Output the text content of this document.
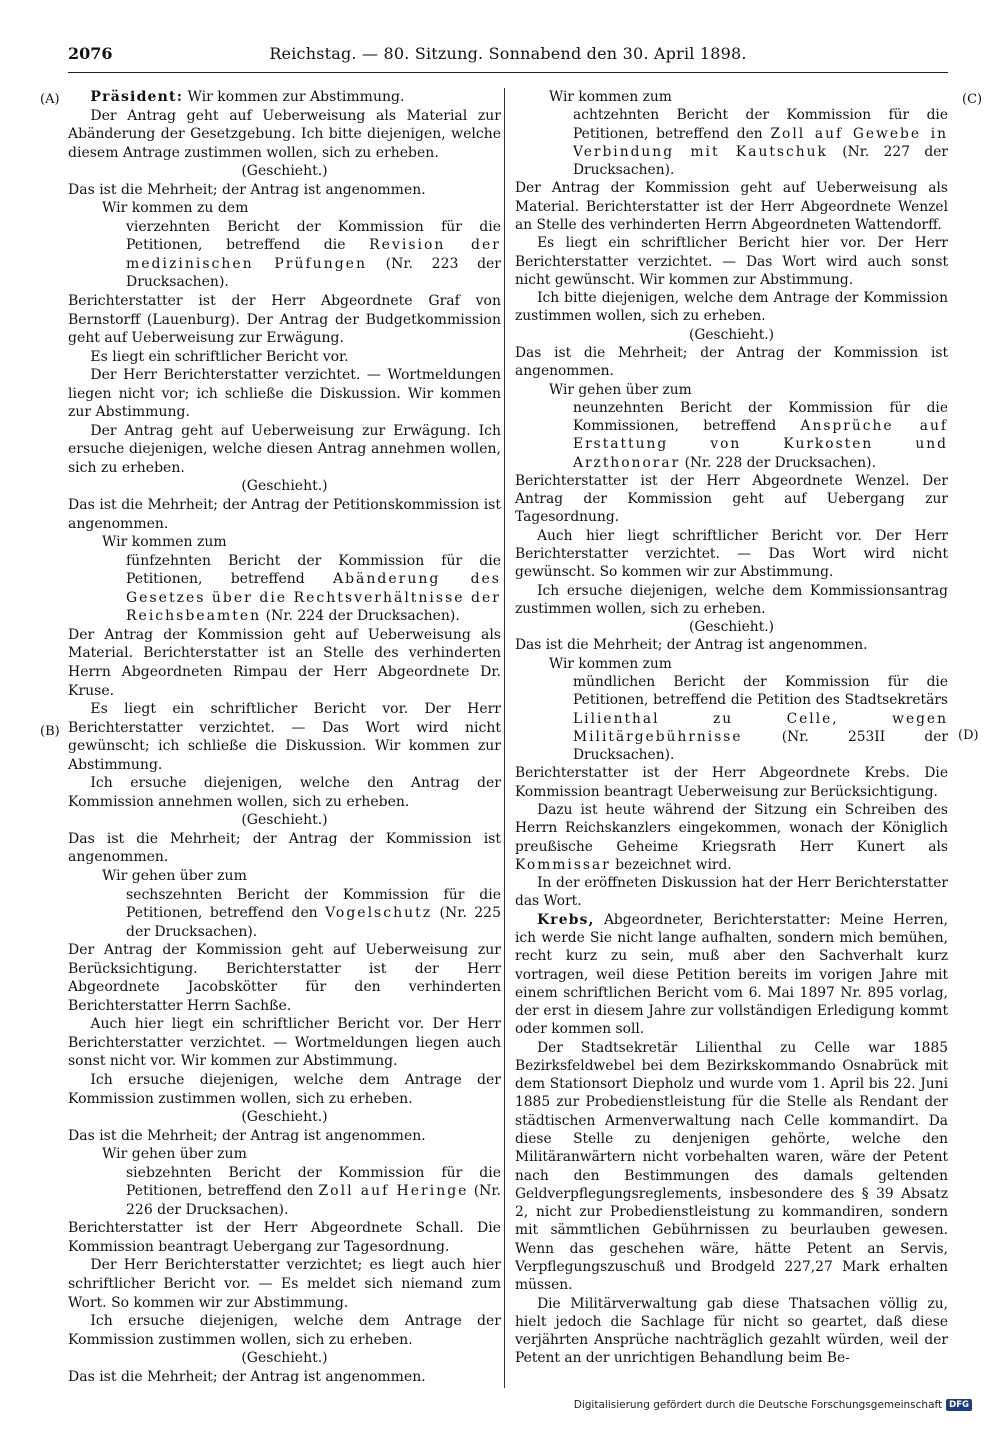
2076	Reichstag. — 80. Sitzung. Sonnabend den 30. April 1898.
(A)
(B)
(C)
(D)

Präsident: Wir kommen zur Abstimmung.

Der Antrag geht auf Ueberweisung als Material zur Abänderung der Gesetzgebung. Ich bitte diejenigen, welche diesem Antrage zustimmen wollen, sich zu erheben.

(Geschieht.)

Das ist die Mehrheit; der Antrag ist angenommen.

Wir kommen zu dem

vierzehnten Bericht der Kommission für die Petitionen, betreffend die Revision der medizinischen Prüfungen (Nr. 223 der Drucksachen).

Berichterstatter ist der Herr Abgeordnete Graf von Bernstorff (Lauenburg). Der Antrag der Budgetkommission geht auf Ueberweisung zur Erwägung.

Es liegt ein schriftlicher Bericht vor.

Der Herr Berichterstatter verzichtet. — Wortmeldungen liegen nicht vor; ich schließe die Diskussion. Wir kommen zur Abstimmung.

Der Antrag geht auf Ueberweisung zur Erwägung. Ich ersuche diejenigen, welche diesen Antrag annehmen wollen, sich zu erheben.

(Geschieht.)

Das ist die Mehrheit; der Antrag der Petitionskommission ist angenommen.

Wir kommen zum

fünfzehnten Bericht der Kommission für die Petitionen, betreffend Abänderung des Gesetzes über die Rechtsverhältnisse der Reichsbeamten (Nr. 224 der Drucksachen).

Der Antrag der Kommission geht auf Ueberweisung als Material. Berichterstatter ist an Stelle des verhinderten Herrn Abgeordneten Rimpau der Herr Abgeordnete Dr. Kruse.

Es liegt ein schriftlicher Bericht vor. Der Herr Berichterstatter verzichtet. — Das Wort wird nicht gewünscht; ich schließe die Diskussion. Wir kommen zur Abstimmung.

Ich ersuche diejenigen, welche den Antrag der Kommission annehmen wollen, sich zu erheben.

(Geschieht.)

Das ist die Mehrheit; der Antrag der Kommission ist angenommen.

Wir gehen über zum

sechszehnten Bericht der Kommission für die Petitionen, betreffend den Vogelschutz (Nr. 225 der Drucksachen).

Der Antrag der Kommission geht auf Ueberweisung zur Berücksichtigung. Berichterstatter ist der Herr Abgeordnete Jacobskötter für den verhinderten Berichterstatter Herrn Sachße.

Auch hier liegt ein schriftlicher Bericht vor. Der Herr Berichterstatter verzichtet. — Wortmeldungen liegen auch sonst nicht vor. Wir kommen zur Abstimmung.

Ich ersuche diejenigen, welche dem Antrage der Kommission zustimmen wollen, sich zu erheben.

(Geschieht.)

Das ist die Mehrheit; der Antrag ist angenommen.

Wir gehen über zum

siebzehnten Bericht der Kommission für die Petitionen, betreffend den Zoll auf Heringe (Nr. 226 der Drucksachen).

Berichterstatter ist der Herr Abgeordnete Schall. Die Kommission beantragt Uebergang zur Tagesordnung.

Der Herr Berichterstatter verzichtet; es liegt auch hier schriftlicher Bericht vor. — Es meldet sich niemand zum Wort. So kommen wir zur Abstimmung.

Ich ersuche diejenigen, welche dem Antrage der Kommission zustimmen wollen, sich zu erheben.

(Geschieht.)

Das ist die Mehrheit; der Antrag ist angenommen.

Wir kommen zum

achtzehnten Bericht der Kommission für die Petitionen, betreffend den Zoll auf Gewebe in Verbindung mit Kautschuk (Nr. 227 der Drucksachen).

Der Antrag der Kommission geht auf Ueberweisung als Material. Berichterstatter ist der Herr Abgeordnete Wenzel an Stelle des verhinderten Herrn Abgeordneten Wattendorff.

Es liegt ein schriftlicher Bericht hier vor. Der Herr Berichterstatter verzichtet. — Das Wort wird auch sonst nicht gewünscht. Wir kommen zur Abstimmung.

Ich bitte diejenigen, welche dem Antrage der Kommission zustimmen wollen, sich zu erheben.

(Geschieht.)

Das ist die Mehrheit; der Antrag der Kommission ist angenommen.

Wir gehen über zum

neunzehnten Bericht der Kommission für die Kommissionen, betreffend Ansprüche auf Erstattung von Kurkosten und Arzthonorar (Nr. 228 der Drucksachen).

Berichterstatter ist der Herr Abgeordnete Wenzel. Der Antrag der Kommission geht auf Uebergang zur Tagesordnung.

Auch hier liegt schriftlicher Bericht vor. Der Herr Berichterstatter verzichtet. — Das Wort wird nicht gewünscht. So kommen wir zur Abstimmung.

Ich ersuche diejenigen, welche dem Kommissionsantrag zustimmen wollen, sich zu erheben.

(Geschieht.)

Das ist die Mehrheit; der Antrag ist angenommen.

Wir kommen zum

mündlichen Bericht der Kommission für die Petitionen, betreffend die Petition des Stadtsekretärs Lilienthal zu Celle, wegen Militärgebührnisse	(Nr. 253II der Drucksachen).

Berichterstatter ist der Herr Abgeordnete Krebs. Die Kommission beantragt Ueberweisung zur Berücksichtigung.

Dazu ist heute während der Sitzung ein Schreiben des Herrn Reichskanzlers eingekommen, wonach der Königlich preußische Geheime Kriegsrath Herr Kunert als Kommissar bezeichnet wird.

In der eröffneten Diskussion hat der Herr Berichterstatter das Wort.

Krebs, Abgeordneter, Berichterstatter: Meine Herren, ich werde Sie nicht lange aufhalten, sondern mich bemühen, recht kurz zu sein, muß aber den Sachverhalt kurz vortragen, weil diese Petition bereits im vorigen Jahre mit einem schriftlichen Bericht vom 6. Mai 1897 Nr. 895 vorlag, der erst in diesem Jahre zur vollständigen Erledigung kommt oder kommen soll.

Der Stadtsekretär Lilienthal zu Celle war 1885 Bezirksfeldwebel bei dem Bezirkskommando Osnabrück mit dem Stationsort Diepholz und wurde vom 1. April bis 22. Juni 1885 zur Probedienstleistung für die Stelle als Rendant der städtischen Armenverwaltung nach Celle kommandirt. Da diese Stelle zu denjenigen gehörte, welche den Militäranwärtern nicht vorbehalten waren, wäre der Petent nach den Bestimmungen des damals geltenden Geldverpflegungsreglements, insbesondere des § 39 Absatz 2, nicht zur Probedienstleistung zu kommandiren, sondern mit sämmtlichen Gebührnissen zu beurlauben gewesen. Wenn das geschehen wäre, hätte Petent an Servis, Verpflegungszuschuß und Brodgeld 227,27 Mark erhalten müssen.

Die Militärverwaltung gab diese Thatsachen völlig zu, hielt jedoch die Sachlage für nicht so geartet, daß diese verjährten Ansprüche nachträglich gezahlt würden, weil der Petent an der unrichtigen Behandlung beim Be-

Digitalisierung gefördert durch die Deutsche Forschungsgemeinschaft DFG
